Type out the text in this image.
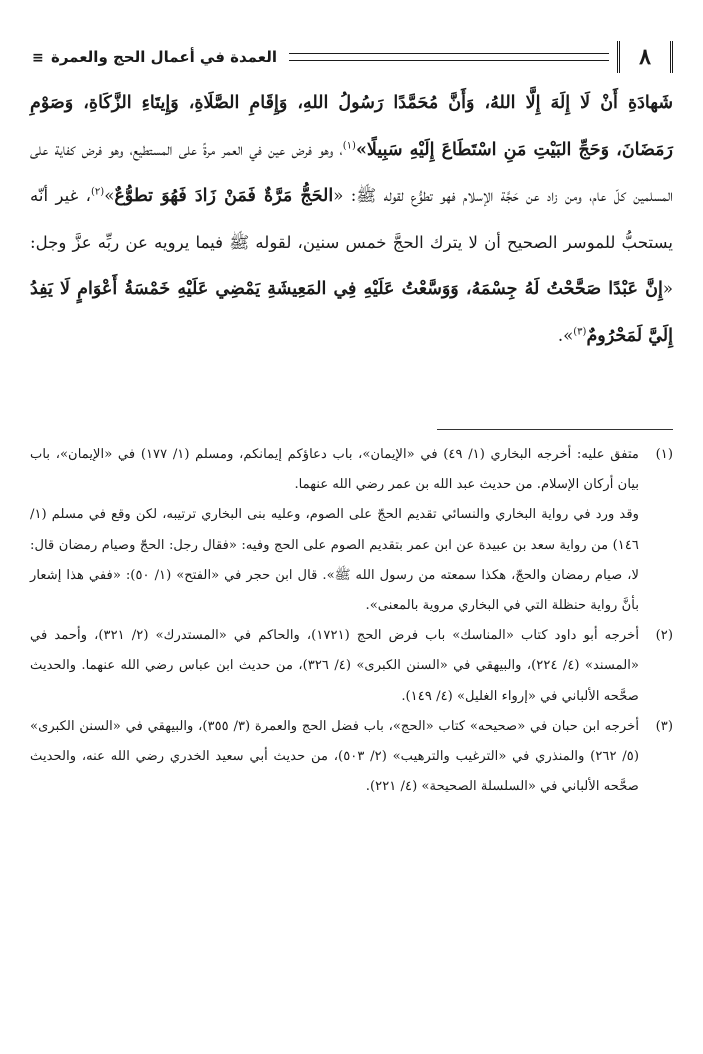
٨
العمدة في أعمال الحج والعمرة ≡

شَهادَةِ أَنْ لَا إِلَهَ إِلَّا اللهُ، وَأَنَّ مُحَمَّدًا رَسُولُ اللهِ، وَإِقَامِ الصَّلَاةِ، وَإِيتَاءِ الزَّكَاةِ، وَصَوْمِ رَمَضَانَ، وَحَجِّ البَيْتِ مَنِ اسْتَطَاعَ إِلَيْهِ سَبِيلًا»$^{(١)}$، وهو فرض عين في العمر مرةً على المستطيع، وهو فرض كفاية على المسلمين كلّ عام، ومن زاد عن حَجَّة الإسلام فهو تطوُّع لقوله ﷺ: «الحَجُّ مَرَّةٌ فَمَنْ زَادَ فَهُوَ تطوُّعٌ»$^{(٢)}$، غير أنّه يستحبُّ للموسر الصحيح أن لا يترك الحجَّ خمس سنين، لقوله ﷺ فيما يرويه عن ربِّه عزَّ وجل: «إِنَّ عَبْدًا صَحَّحْتُ لَهُ جِسْمَهُ، وَوَسَّعْتُ عَلَيْهِ فِي المَعِيشَةِ يَمْضِي عَلَيْهِ خَمْسَةُ أَعْوَامٍ لَا يَفِدُ إِلَيَّ لَمَحْرُومٌ$^{(٣)}$».

(١)

متفق عليه: أخرجه البخاري (١/ ٤٩) في «الإيمان»، باب دعاؤكم إيمانكم، ومسلم (١/ ١٧٧) في «الإيمان»، باب بيان أركان الإسلام. من حديث عبد الله بن عمر رضي الله عنهما.

وقد ورد في رواية البخاري والنسائي تقديم الحجّ على الصوم، وعليه بنى البخاري ترتيبه، لكن وقع في مسلم (١/ ١٤٦) من رواية سعد بن عبيدة عن ابن عمر بتقديم الصوم على الحج وفيه: «فقال رجل: الحجّ وصيام رمضان قال: لا، صيام رمضان والحجّ، هكذا سمعته من رسول الله ﷺ». قال ابن حجر في «الفتح» (١/ ٥٠): «ففي هذا إشعار بأنَّ رواية حنظلة التي في البخاري مروية بالمعنى».

(٢)

أخرجه أبو داود كتاب «المناسك» باب فرض الحج (١٧٢١)، والحاكم في «المستدرك» (٢/ ٣٢١)، وأحمد في «المسند» (٤/ ٢٢٤)، والبيهقي في «السنن الكبرى» (٤/ ٣٢٦)، من حديث ابن عباس رضي الله عنهما. والحديث صحَّحه الألباني في «إرواء الغليل» (٤/ ١٤٩).

(٣)

أخرجه ابن حبان في «صحيحه» كتاب «الحج»، باب فضل الحج والعمرة (٣/ ٣٥٥)، والبيهقي في «السنن الكبرى» (٥/ ٢٦٢) والمنذري في «الترغيب والترهيب» (٢/ ٥٠٣)، من حديث أبي سعيد الخدري رضي الله عنه، والحديث صحَّحه الألباني في «السلسلة الصحيحة» (٤/ ٢٢١).
